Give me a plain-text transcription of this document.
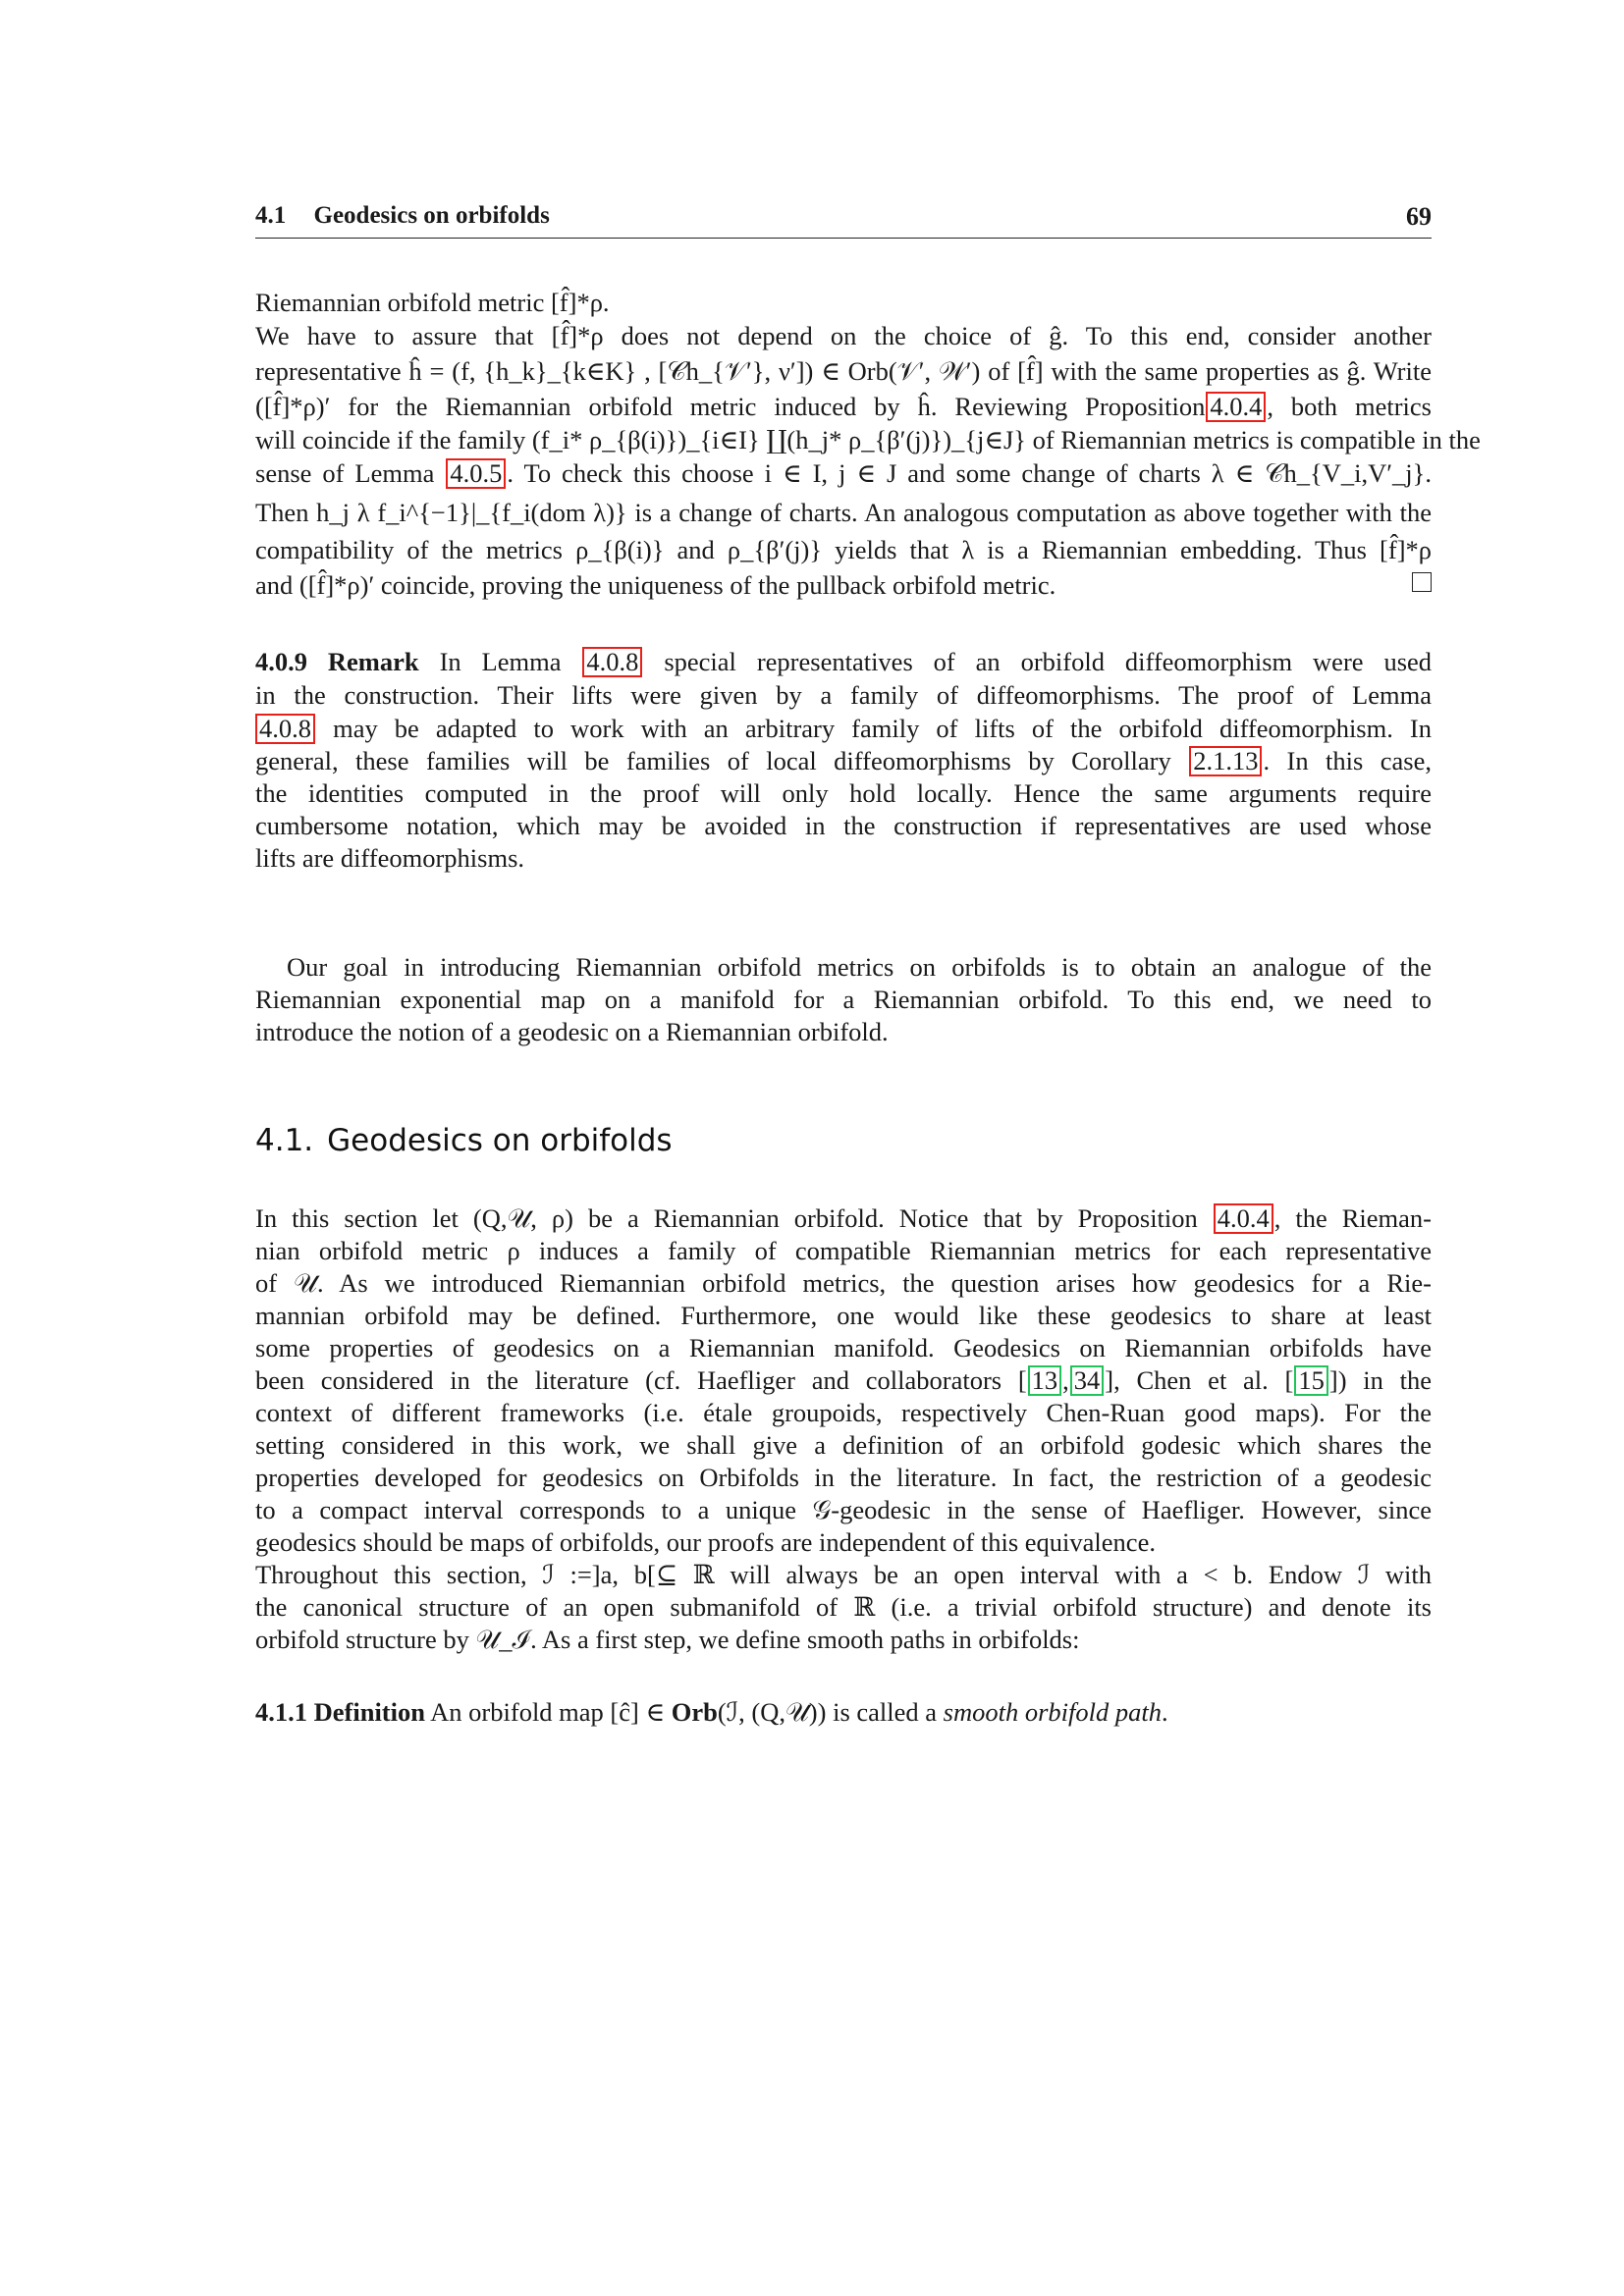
4.1 Geodesics on orbifolds	69
Riemannian orbifold metric [f̂]*ρ.
We have to assure that [f̂]*ρ does not depend on the choice of ĝ. To this end, consider another
representative ĥ = (f, {h_k}_{k∈K} , [𝒞h_{𝒱′}, ν′]) ∈ Orb(𝒱′, 𝒲′) of [f̂] with the same properties as ĝ. Write
([f̂]*ρ)′ for the Riemannian orbifold metric induced by ĥ. Reviewing Proposition 4.0.4 , both metrics
will coincide if the family (f_i* ρ_{β(i)})_{i∈I} ∐(h_j* ρ_{β′(j)})_{j∈J} of Riemannian metrics is compatible in the
sense of Lemma 4.0.5 . To check this choose i ∈ I, j ∈ J and some change of charts λ ∈ 𝒞h_{V_i,V′_j}.
Then h_j λ f_i^{−1}|_{f_i(dom λ)} is a change of charts. An analogous computation as above together with the
compatibility of the metrics ρ_{β(i)} and ρ_{β′(j)} yields that λ is a Riemannian embedding. Thus [f̂]*ρ
and ([f̂]*ρ)′ coincide, proving the uniqueness of the pullback orbifold metric.
4.0.9 Remark In Lemma 4.0.8 special representatives of an orbifold diffeomorphism were used
in the construction. Their lifts were given by a family of diffeomorphisms. The proof of Lemma
4.0.8 may be adapted to work with an arbitrary family of lifts of the orbifold diffeomorphism. In
general, these families will be families of local diffeomorphisms by Corollary 2.1.13 . In this case,
the identities computed in the proof will only hold locally. Hence the same arguments require
cumbersome notation, which may be avoided in the construction if representatives are used whose
lifts are diffeomorphisms.
Our goal in introducing Riemannian orbifold metrics on orbifolds is to obtain an analogue of the
Riemannian exponential map on a manifold for a Riemannian orbifold. To this end, we need to
introduce the notion of a geodesic on a Riemannian orbifold.
4.1. Geodesics on orbifolds
In this section let (Q,𝒰, ρ) be a Riemannian orbifold. Notice that by Proposition 4.0.4 , the Rieman-
nian orbifold metric ρ induces a family of compatible Riemannian metrics for each representative
of 𝒰. As we introduced Riemannian orbifold metrics, the question arises how geodesics for a Rie-
mannian orbifold may be defined. Furthermore, one would like these geodesics to share at least
some properties of geodesics on a Riemannian manifold. Geodesics on Riemannian orbifolds have
been considered in the literature (cf. Haefliger and collaborators [ 13 , 34 ], Chen et al. [ 15 ]) in the
context of different frameworks (i.e. étale groupoids, respectively Chen-Ruan good maps). For the
setting considered in this work, we shall give a definition of an orbifold godesic which shares the
properties developed for geodesics on Orbifolds in the literature. In fact, the restriction of a geodesic
to a compact interval corresponds to a unique 𝒢-geodesic in the sense of Haefliger. However, since
geodesics should be maps of orbifolds, our proofs are independent of this equivalence.
Throughout this section, ℐ :=]a, b[⊆ ℝ will always be an open interval with a < b. Endow ℐ with
the canonical structure of an open submanifold of ℝ (i.e. a trivial orbifold structure) and denote its
orbifold structure by 𝒰_ℐ. As a first step, we define smooth paths in orbifolds:
4.1.1 Definition An orbifold map [ĉ] ∈ Orb(ℐ, (Q,𝒰)) is called a smooth orbifold path.
